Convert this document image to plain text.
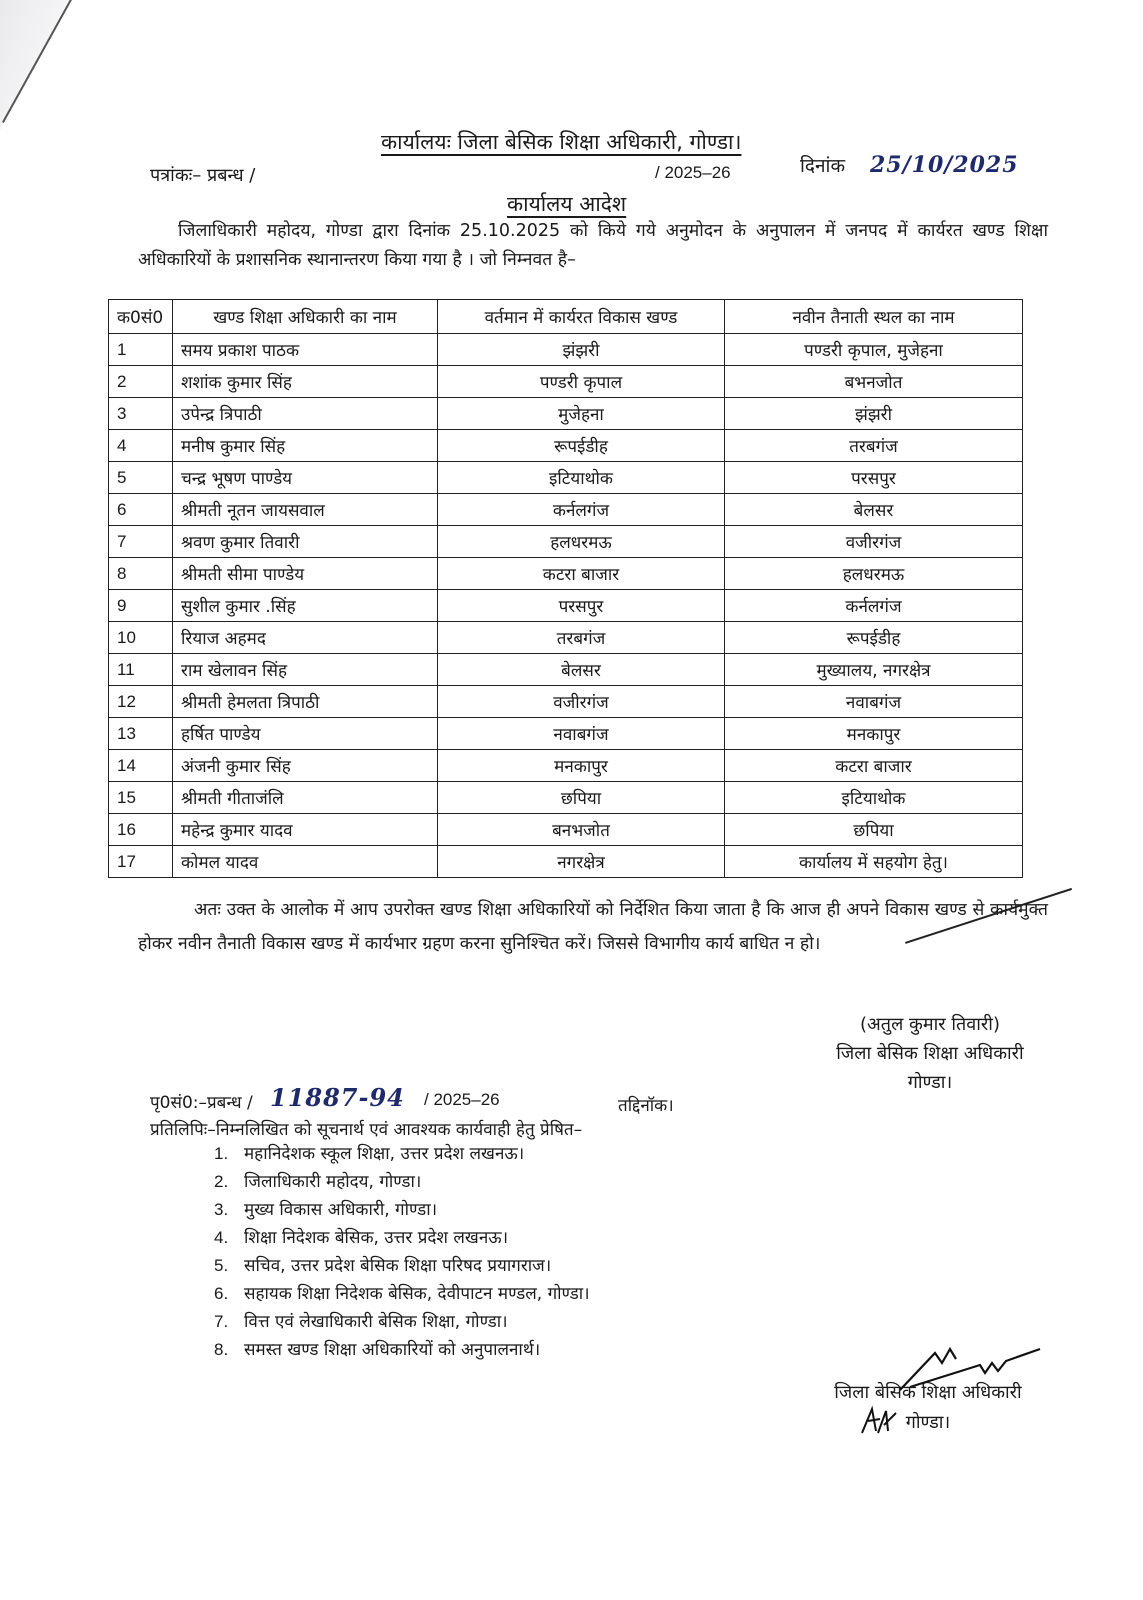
कार्यालयः जिला बेसिक शिक्षा अधिकारी, गोण्डा।
पत्रांकः– प्रबन्ध /	/ 2025–26	दिनांक 25/10/2025
कार्यालय आदेश
जिलाधिकारी महोदय, गोण्डा द्वारा दिनांक 25.10.2025 को किये गये अनुमोदन के अनुपालन में जनपद में कार्यरत खण्ड शिक्षा अधिकारियों के प्रशासनिक स्थानान्तरण किया गया है । जो निम्नवत है–
क0सं0	खण्ड शिक्षा अधिकारी का नाम	वर्तमान में कार्यरत विकास खण्ड	नवीन तैनाती स्थल का नाम
1	समय प्रकाश पाठक	झंझरी	पण्डरी कृपाल, मुजेहना
2	शशांक कुमार सिंह	पण्डरी कृपाल	बभनजोत
3	उपेन्द्र त्रिपाठी	मुजेहना	झंझरी
4	मनीष कुमार सिंह	रूपईडीह	तरबगंज
5	चन्द्र भूषण पाण्डेय	इटियाथोक	परसपुर
6	श्रीमती नूतन जायसवाल	कर्नलगंज	बेलसर
7	श्रवण कुमार तिवारी	हलधरमऊ	वजीरगंज
8	श्रीमती सीमा पाण्डेय	कटरा बाजार	हलधरमऊ
9	सुशील कुमार .सिंह	परसपुर	कर्नलगंज
10	रियाज अहमद	तरबगंज	रूपईडीह
11	राम खेलावन सिंह	बेलसर	मुख्यालय, नगरक्षेत्र
12	श्रीमती हेमलता त्रिपाठी	वजीरगंज	नवाबगंज
13	हर्षित पाण्डेय	नवाबगंज	मनकापुर
14	अंजनी कुमार सिंह	मनकापुर	कटरा बाजार
15	श्रीमती गीताजंलि	छपिया	इटियाथोक
16	महेन्द्र कुमार यादव	बनभजोत	छपिया
17	कोमल यादव	नगरक्षेत्र	कार्यालय में सहयोग हेतु।
अतः उक्त के आलोक में आप उपरोक्त खण्ड शिक्षा अधिकारियों को निर्देशित किया जाता है कि आज ही अपने विकास खण्ड से कार्यमुक्त होकर नवीन तैनाती विकास खण्ड में कार्यभार ग्रहण करना सुनिश्चित करें। जिससे विभागीय कार्य बाधित न हो।
(अतुल कुमार तिवारी)
जिला बेसिक शिक्षा अधिकारी
गोण्डा।
पृ0सं0:–प्रबन्ध / 11887-94 / 2025–26	तद्दिनॉक।
प्रतिलिपिः–निम्नलिखित को सूचनार्थ एवं आवश्यक कार्यवाही हेतु प्रेषित–
1. महानिदेशक स्कूल शिक्षा, उत्तर प्रदेश लखनऊ।
2. जिलाधिकारी महोदय, गोण्डा।
3. मुख्य विकास अधिकारी, गोण्डा।
4. शिक्षा निदेशक बेसिक, उत्तर प्रदेश लखनऊ।
5. सचिव, उत्तर प्रदेश बेसिक शिक्षा परिषद प्रयागराज।
6. सहायक शिक्षा निदेशक बेसिक, देवीपाटन मण्डल, गोण्डा।
7. वित्त एवं लेखाधिकारी बेसिक शिक्षा, गोण्डा।
8. समस्त खण्ड शिक्षा अधिकारियों को अनुपालनार्थ।
जिला बेसिक शिक्षा अधिकारी
गोण्डा।
